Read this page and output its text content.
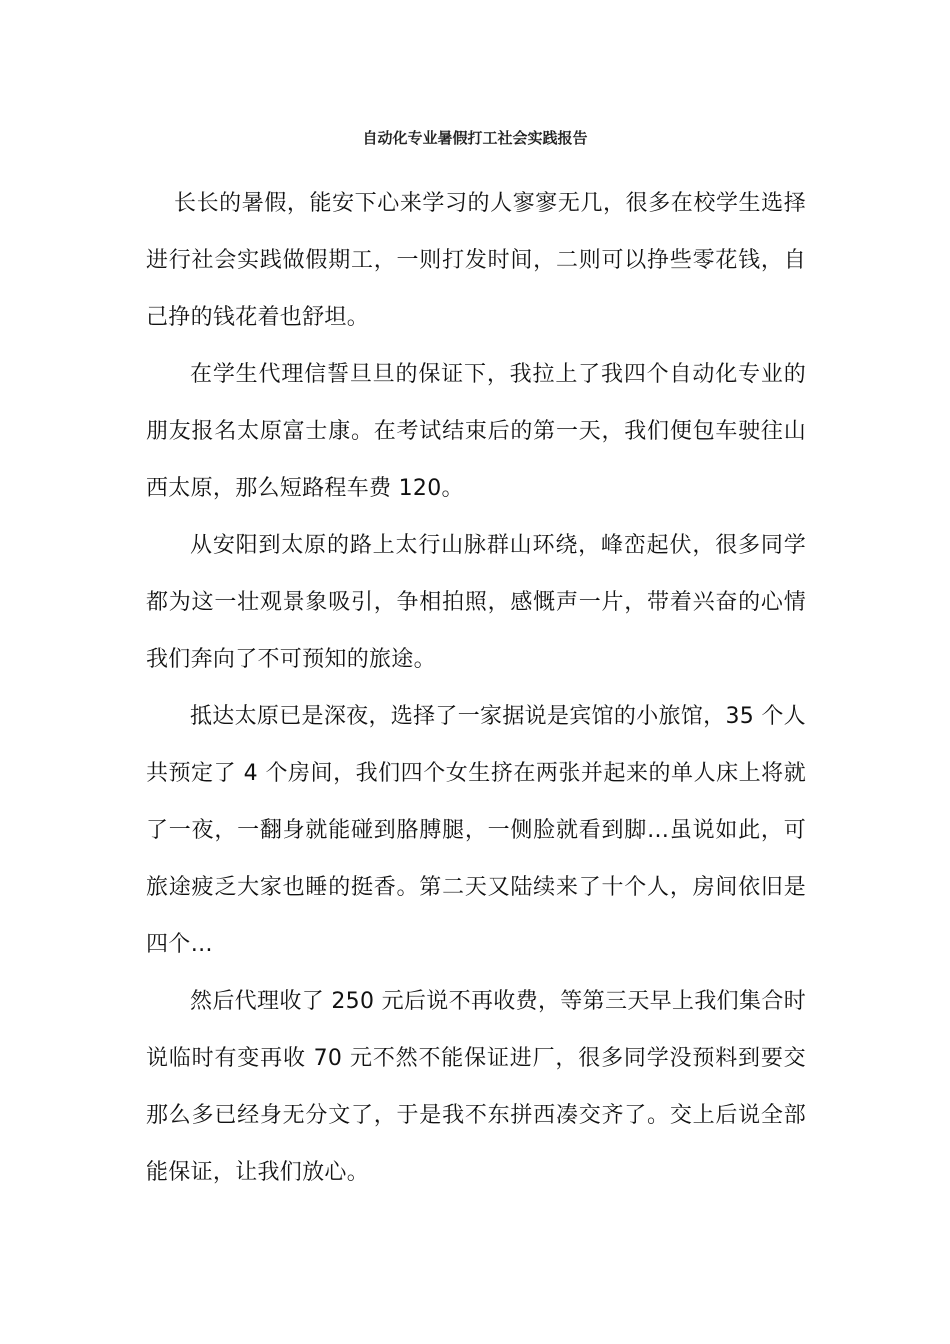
自动化专业暑假打工社会实践报告

长长的暑假，能安下心来学习的人寥寥无几，很多在校学生选择进行社会实践做假期工，一则打发时间，二则可以挣些零花钱，自己挣的钱花着也舒坦。

在学生代理信誓旦旦的保证下，我拉上了我四个自动化专业的朋友报名太原富士康。在考试结束后的第一天，我们便包车驶往山西太原，那么短路程车费 120。

从安阳到太原的路上太行山脉群山环绕，峰峦起伏，很多同学都为这一壮观景象吸引，争相拍照，感慨声一片，带着兴奋的心情我们奔向了不可预知的旅途。

抵达太原已是深夜，选择了一家据说是宾馆的小旅馆，35 个人共预定了 4 个房间，我们四个女生挤在两张并起来的单人床上将就了一夜，一翻身就能碰到胳膊腿，一侧脸就看到脚…虽说如此，可旅途疲乏大家也睡的挺香。第二天又陆续来了十个人，房间依旧是四个…

然后代理收了 250 元后说不再收费，等第三天早上我们集合时说临时有变再收 70 元不然不能保证进厂，很多同学没预料到要交那么多已经身无分文了，于是我不东拼西凑交齐了。交上后说全部能保证，让我们放心。
